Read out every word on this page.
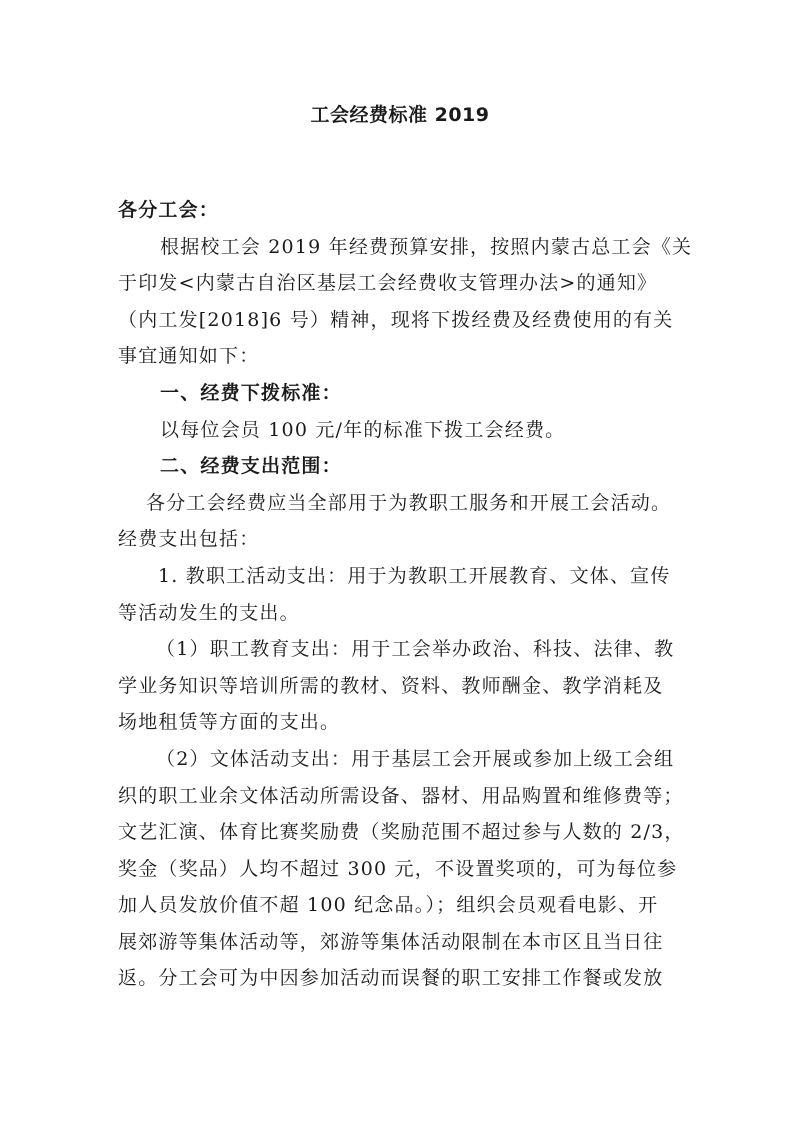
工会经费标准 2019
各分工会：
根据校工会 2019 年经费预算安排，按照内蒙古总工会《关
于印发<内蒙古自治区基层工会经费收支管理办法>的通知》
（内工发[2018]6 号）精神，现将下拨经费及经费使用的有关
事宜通知如下：
一、经费下拨标准：
以每位会员 100 元/年的标准下拨工会经费。
二、经费支出范围：
各分工会经费应当全部用于为教职工服务和开展工会活动。
经费支出包括：
1. 教职工活动支出：用于为教职工开展教育、文体、宣传
等活动发生的支出。
（1）职工教育支出：用于工会举办政治、科技、法律、教
学业务知识等培训所需的教材、资料、教师酬金、教学消耗及
场地租赁等方面的支出。
（2）文体活动支出：用于基层工会开展或参加上级工会组
织的职工业余文体活动所需设备、器材、用品购置和维修费等；
文艺汇演、体育比赛奖励费（奖励范围不超过参与人数的 2/3，
奖金（奖品）人均不超过 300 元，不设置奖项的，可为每位参
加人员发放价值不超 100 纪念品。）；组织会员观看电影、开
展郊游等集体活动等，郊游等集体活动限制在本市区且当日往
返。分工会可为中因参加活动而误餐的职工安排工作餐或发放
